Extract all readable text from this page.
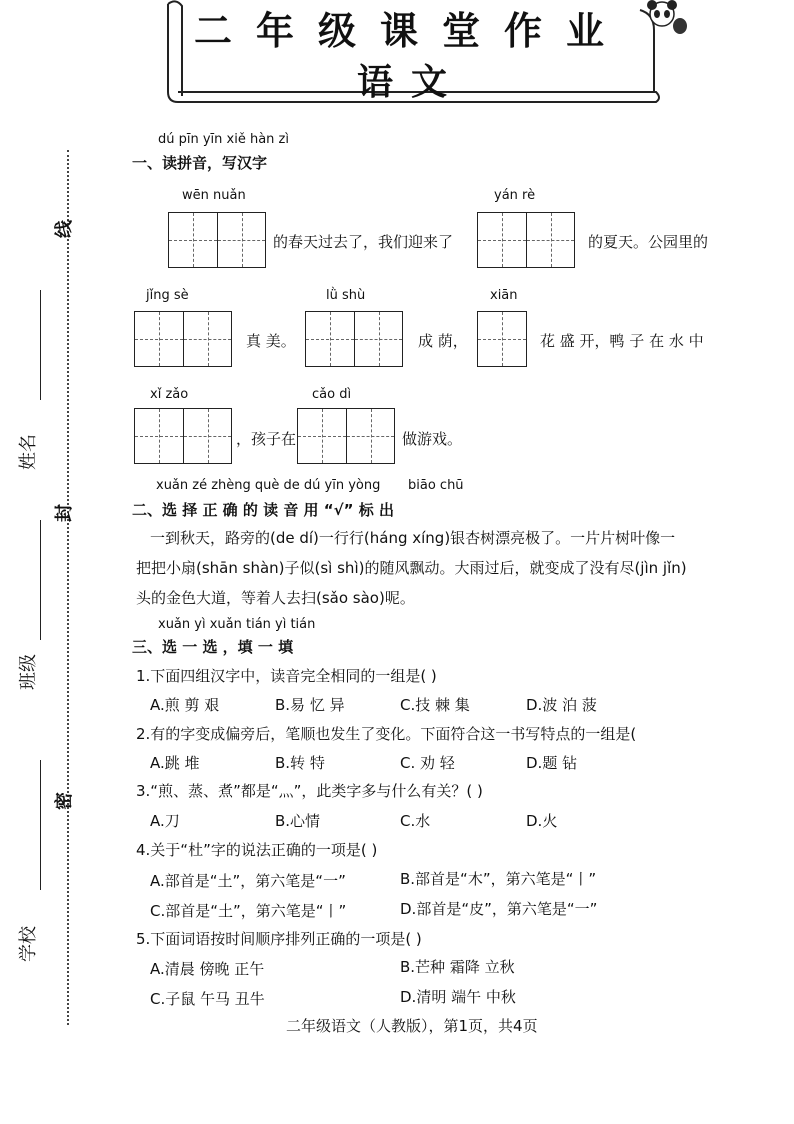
线
封
密
姓名
班级
学校
二年级课堂作业
语文
dú pīn yīn xiě hàn zì
一、读拼音，写汉字
wēn nuǎn
的春天过去了，我们迎来了
yán rè
的夏天。公园里的
jǐng sè
真 美。
lǜ shù
成 荫，
xiān
花 盛 开，鸭 子 在 水 中
xǐ zǎo
，孩子在
cǎo dì
做游戏。
xuǎn zé zhèng què de dú yīn yòng biāo chū
二、选 择 正 确 的 读 音 用 “√” 标 出
一到秋天，路旁的(de dí)一行行(háng xíng)银杏树漂亮极了。一片片树叶像一
把把小扇(shān shàn)子似(sì shì)的随风飘动。大雨过后，就变成了没有尽(jìn jǐn)
头的金色大道，等着人去扫(sǎo sào)呢。
xuǎn yì xuǎn tián yì tián
三、选 一 选 ，填 一 填
1.下面四组汉字中，读音完全相同的一组是( )
A.煎 剪 艰	B.易 忆 异	C.技 棘 集	D.波 泊 菠
2.有的字变成偏旁后，笔顺也发生了变化。下面符合这一书写特点的一组是(
A.跳 堆	B.转 特	C. 劝 轻	D.题 钻
3.“煎、蒸、煮”都是“灬”，此类字多与什么有关？( )
A.刀	B.心情	C.水	D.火
4.关于“杜”字的说法正确的一项是( )
A.部首是“土”，第六笔是“一”	B.部首是“木”，第六笔是“丨”
C.部首是“土”，第六笔是“丨”	D.部首是“皮”，第六笔是“一”
5.下面词语按时间顺序排列正确的一项是( )
A.清晨 傍晚 正午	B.芒种 霜降 立秋
C.子鼠 午马 丑牛	D.清明 端午 中秋
二年级语文（人教版），第1页，共4页
